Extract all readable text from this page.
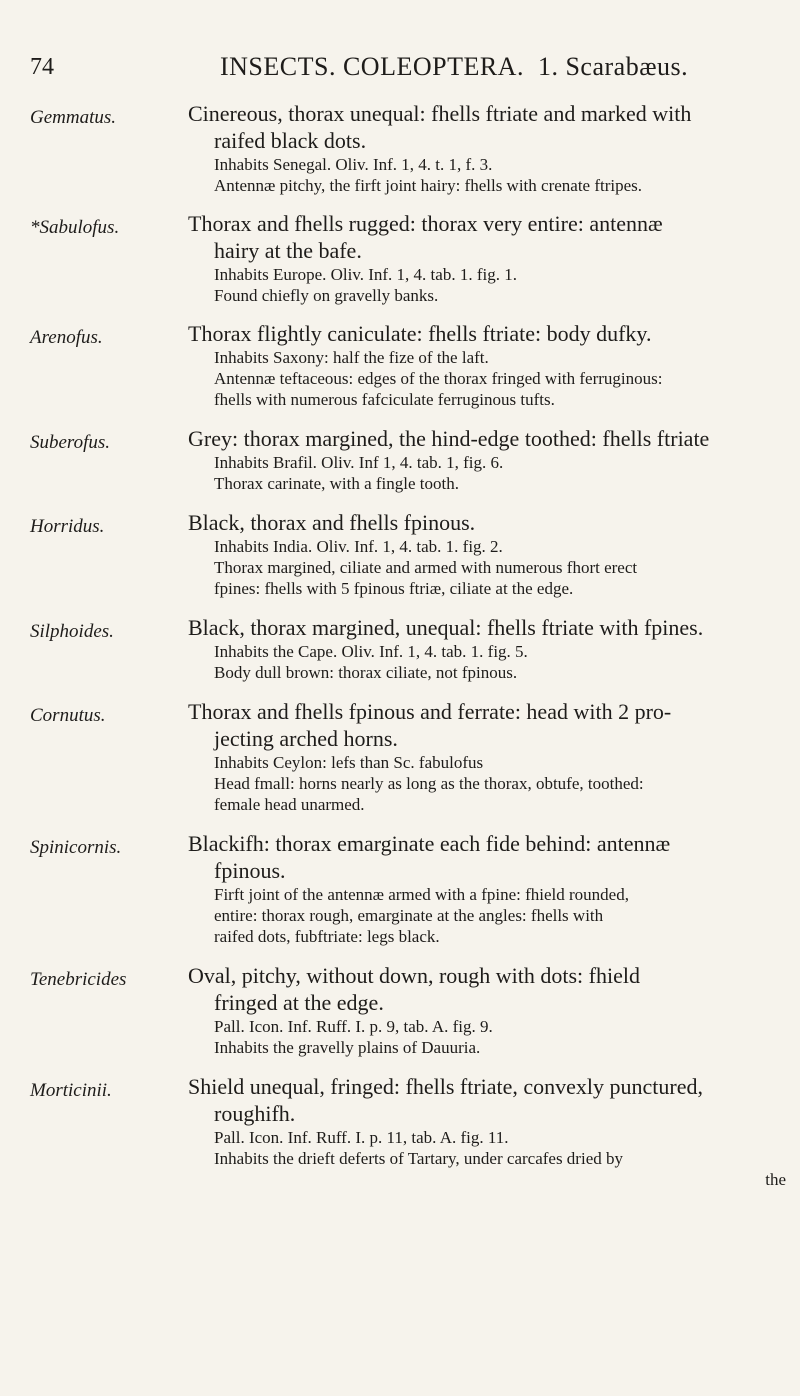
74	INSECTS. COLEOPTERA. 1. Scarabæus.
Gemmatus.	Cinereous, thorax unequal: fhells ftriate and marked with
raifed black dots.
Inhabits Senegal. Oliv. Inf. 1, 4. t. 1, f. 3.
Antennæ pitchy, the firft joint hairy: fhells with crenate ftripes.
*Sabulofus.	Thorax and fhells rugged: thorax very entire: antennæ
hairy at the bafe.
Inhabits Europe. Oliv. Inf. 1, 4. tab. 1. fig. 1.
Found chiefly on gravelly banks.
Arenofus.	Thorax flightly caniculate: fhells ftriate: body dufky.
Inhabits Saxony: half the fize of the laft.
Antennæ teftaceous: edges of the thorax fringed with ferruginous:
fhells with numerous fafciculate ferruginous tufts.
Suberofus.	Grey: thorax margined, the hind-edge toothed: fhells ftriate
Inhabits Brafil. Oliv. Inf 1, 4. tab. 1, fig. 6.
Thorax carinate, with a fingle tooth.
Horridus.	Black, thorax and fhells fpinous.
Inhabits India. Oliv. Inf. 1, 4. tab. 1. fig. 2.
Thorax margined, ciliate and armed with numerous fhort erect
fpines: fhells with 5 fpinous ftriæ, ciliate at the edge.
Silphoides.	Black, thorax margined, unequal: fhells ftriate with fpines.
Inhabits the Cape. Oliv. Inf. 1, 4. tab. 1. fig. 5.
Body dull brown: thorax ciliate, not fpinous.
Cornutus.	Thorax and fhells fpinous and ferrate: head with 2 pro-
jecting arched horns.
Inhabits Ceylon: lefs than Sc. fabulofus
Head fmall: horns nearly as long as the thorax, obtufe, toothed:
female head unarmed.
Spinicornis.	Blackifh: thorax emarginate each fide behind: antennæ
fpinous.
Firft joint of the antennæ armed with a fpine: fhield rounded,
entire: thorax rough, emarginate at the angles: fhells with
raifed dots, fubftriate: legs black.
Tenebricides	Oval, pitchy, without down, rough with dots: fhield
fringed at the edge.
Pall. Icon. Inf. Ruff. I. p. 9, tab. A. fig. 9.
Inhabits the gravelly plains of Dauuria.
Morticinii.	Shield unequal, fringed: fhells ftriate, convexly punctured,
roughifh.
Pall. Icon. Inf. Ruff. I. p. 11, tab. A. fig. 11.
Inhabits the drieft deferts of Tartary, under carcafes dried by
the
